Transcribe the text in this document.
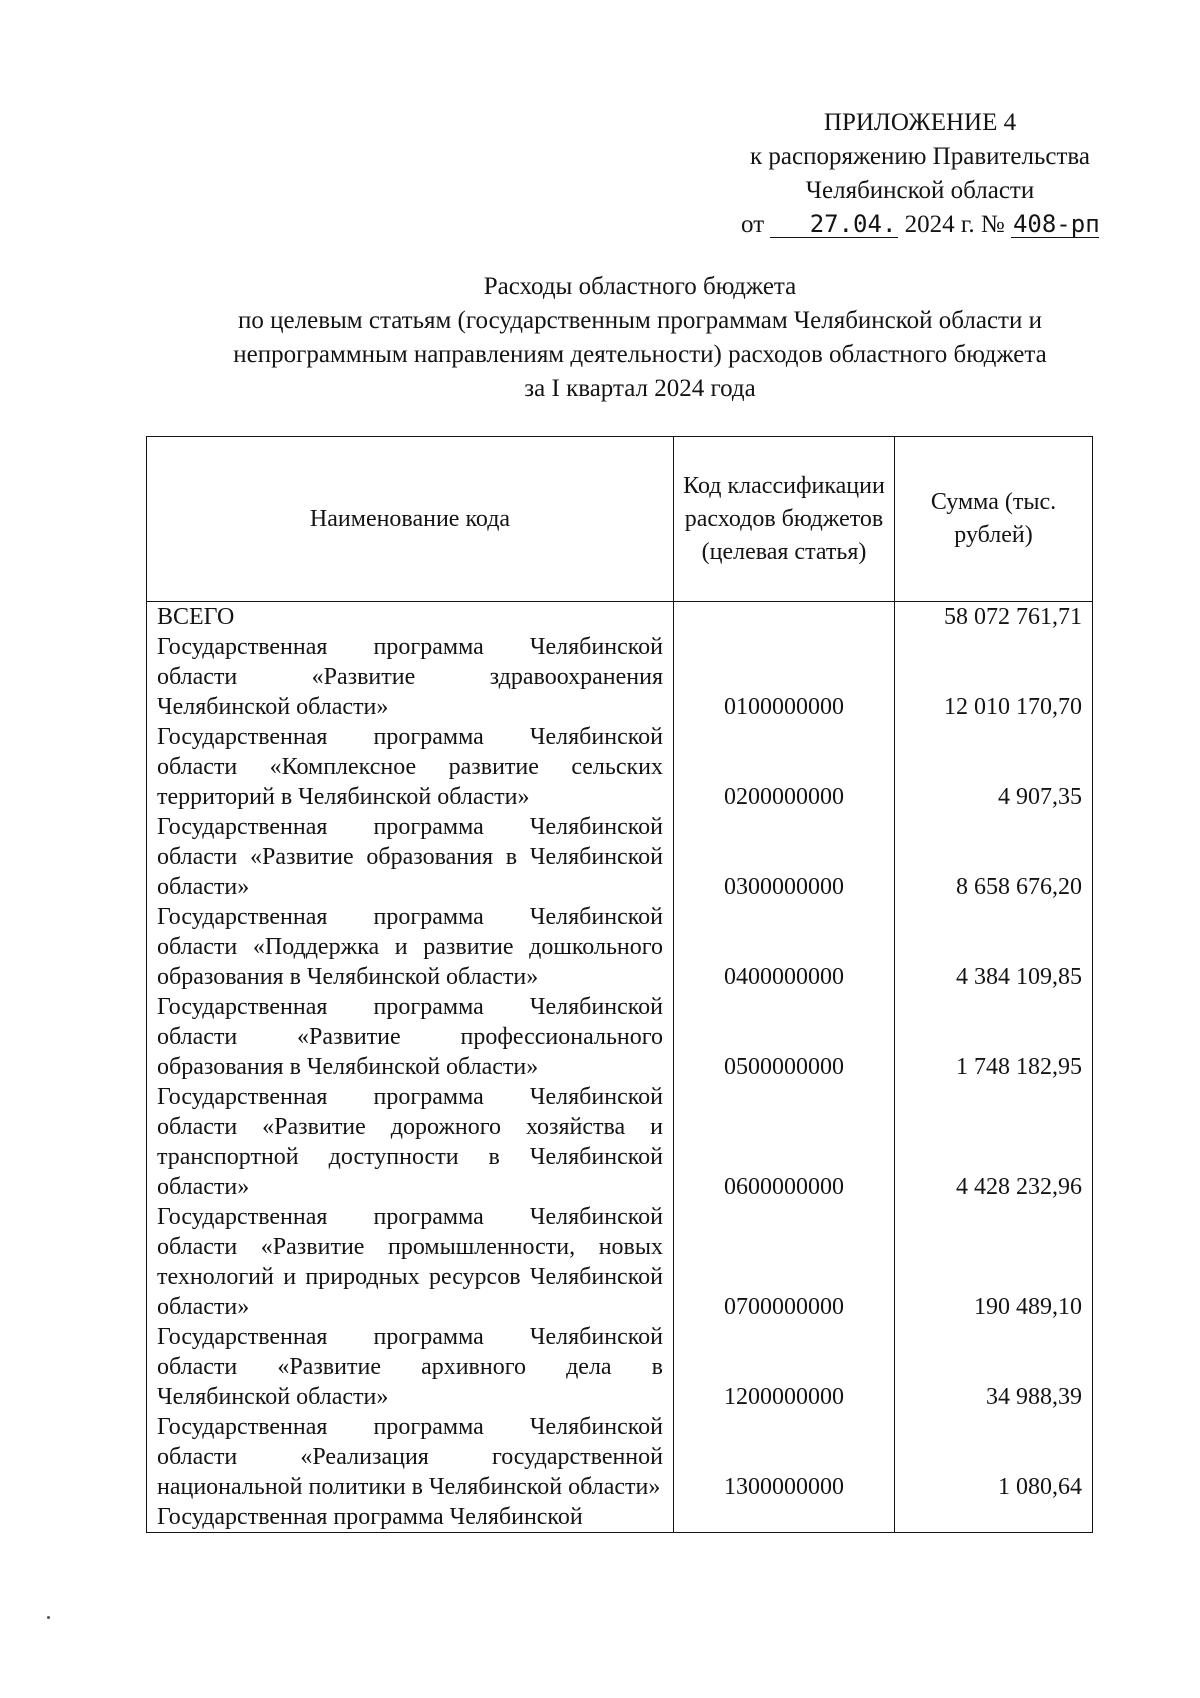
ПРИЛОЖЕНИЕ 4
к распоряжению Правительства
Челябинской области
от 27.04. 2024 г. № 408-рп
Расходы областного бюджета
по целевым статьям (государственным программам Челябинской области и
непрограммным направлениям деятельности) расходов областного бюджета
за I квартал 2024 года
Наименование кода	Код классификации расходов бюджетов (целевая статья)	Сумма (тыс. рублей)
ВСЕГО		58 072 761,71
Государственная программа Челябинской области «Развитие здравоохранения Челябинской области»	0100000000	12 010 170,70
Государственная программа Челябинской области «Комплексное развитие сельских территорий в Челябинской области»	0200000000	4 907,35
Государственная программа Челябинской области «Развитие образования в Челябинской области»	0300000000	8 658 676,20
Государственная программа Челябинской области «Поддержка и развитие дошкольного образования в Челябинской области»	0400000000	4 384 109,85
Государственная программа Челябинской области «Развитие профессионального образования в Челябинской области»	0500000000	1 748 182,95
Государственная программа Челябинской области «Развитие дорожного хозяйства и транспортной доступности в Челябинской области»	0600000000	4 428 232,96
Государственная программа Челябинской области «Развитие промышленности, новых технологий и природных ресурсов Челябинской области»	0700000000	190 489,10
Государственная программа Челябинской области «Развитие архивного дела в Челябинской области»	1200000000	34 988,39
Государственная программа Челябинской области «Реализация государственной национальной политики в Челябинской области»	1300000000	1 080,64
Государственная программа Челябинской		
